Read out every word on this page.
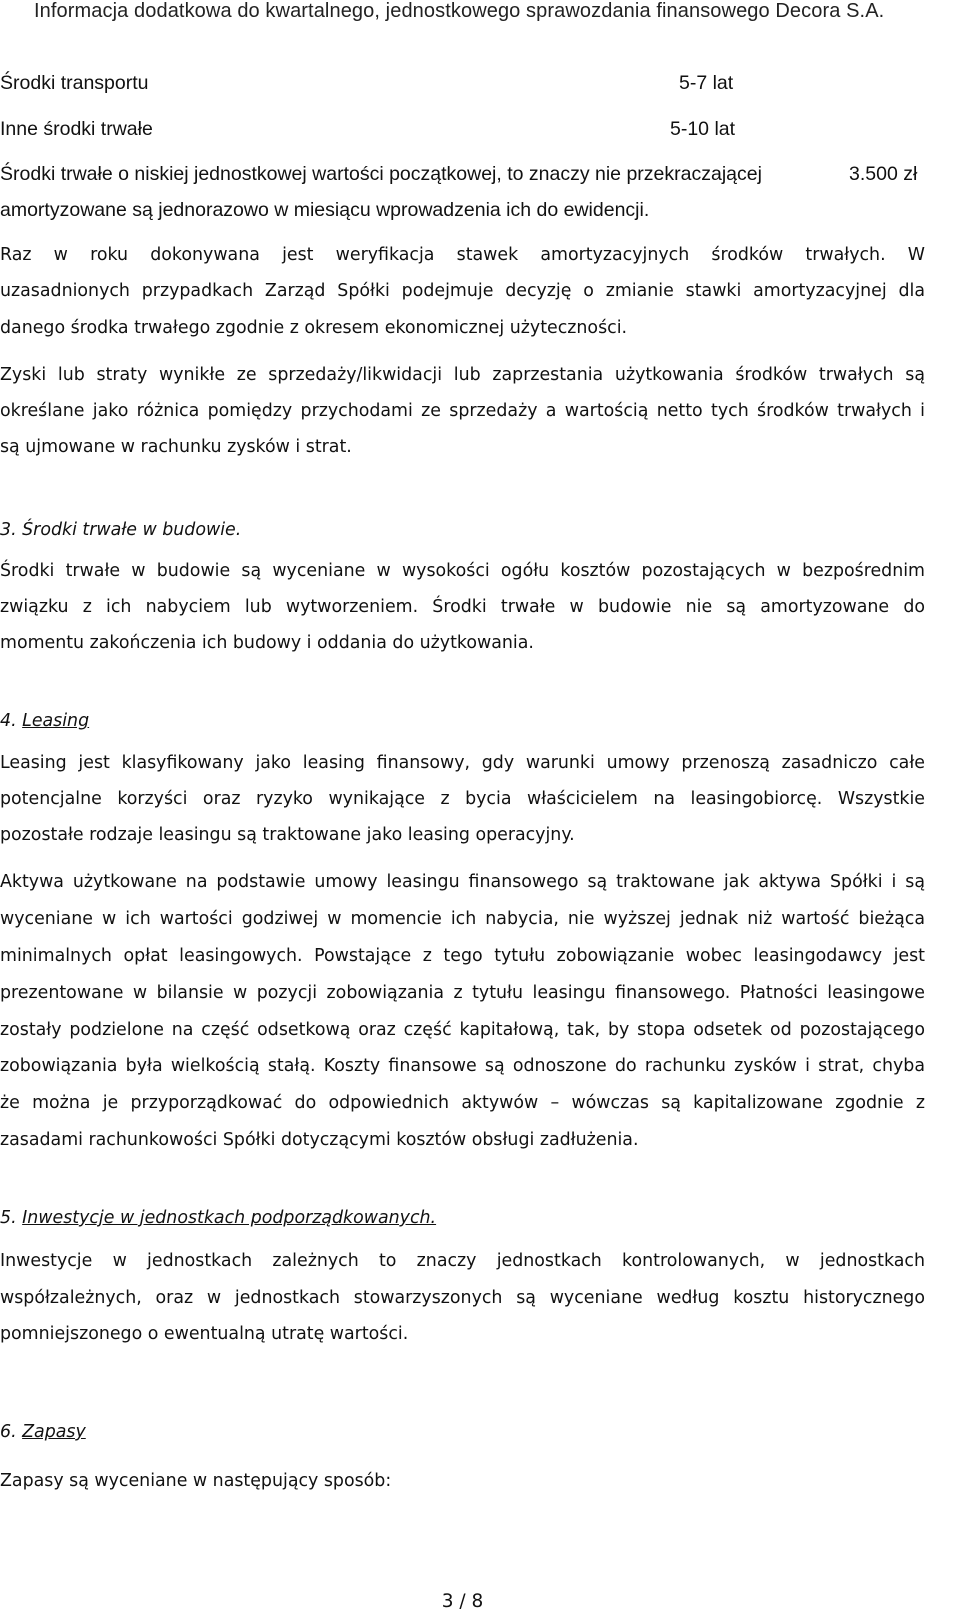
Informacja dodatkowa do kwartalnego, jednostkowego sprawozdania finansowego Decora S.A.

Środki transportu	5-7 lat

Inne środki trwałe	5-10 lat

Środki trwałe o niskiej jednostkowej wartości początkowej, to znaczy nie przekraczającej	3.500 zł

amortyzowane są jednorazowo w miesiącu wprowadzenia ich do ewidencji.

Raz w roku dokonywana jest weryfikacja stawek amortyzacyjnych środków trwałych. W

uzasadnionych przypadkach Zarząd Spółki podejmuje decyzję o zmianie stawki amortyzacyjnej dla

danego środka trwałego zgodnie z okresem ekonomicznej użyteczności.

Zyski lub straty wynikłe ze sprzedaży/likwidacji lub zaprzestania użytkowania środków trwałych są

określane jako różnica pomiędzy przychodami ze sprzedaży a wartością netto tych środków trwałych i

są ujmowane w rachunku zysków i strat.

3. Środki trwałe w budowie.

Środki trwałe w budowie są wyceniane w wysokości ogółu kosztów pozostających w bezpośrednim

związku z ich nabyciem lub wytworzeniem. Środki trwałe w budowie nie są amortyzowane do

momentu zakończenia ich budowy i oddania do użytkowania.

4. Leasing

Leasing jest klasyfikowany jako leasing finansowy, gdy warunki umowy przenoszą zasadniczo całe

potencjalne korzyści oraz ryzyko wynikające z bycia właścicielem na leasingobiorcę. Wszystkie

pozostałe rodzaje leasingu są traktowane jako leasing operacyjny.

Aktywa użytkowane na podstawie umowy leasingu finansowego są traktowane jak aktywa Spółki i są

wyceniane w ich wartości godziwej w momencie ich nabycia, nie wyższej jednak niż wartość bieżąca

minimalnych opłat leasingowych. Powstające z tego tytułu zobowiązanie wobec leasingodawcy jest

prezentowane w bilansie w pozycji zobowiązania z tytułu leasingu finansowego. Płatności leasingowe

zostały podzielone na część odsetkową oraz część kapitałową, tak, by stopa odsetek od pozostającego

zobowiązania była wielkością stałą. Koszty finansowe są odnoszone do rachunku zysków i strat, chyba

że można je przyporządkować do odpowiednich aktywów – wówczas są kapitalizowane zgodnie z

zasadami rachunkowości Spółki dotyczącymi kosztów obsługi zadłużenia.

5. Inwestycje w jednostkach podporządkowanych.

Inwestycje w jednostkach zależnych to znaczy jednostkach kontrolowanych, w jednostkach

współzależnych, oraz w jednostkach stowarzyszonych są wyceniane według kosztu historycznego

pomniejszonego o ewentualną utratę wartości.

6. Zapasy

Zapasy są wyceniane w następujący sposób:

3 / 8
